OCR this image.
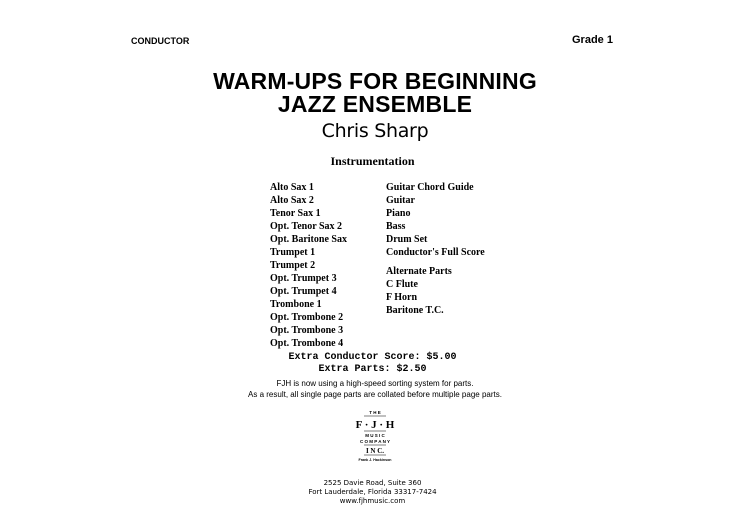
CONDUCTOR	Grade 1
WARM-UPS FOR BEGINNING
JAZZ ENSEMBLE
Chris Sharp
Instrumentation
Alto Sax 1
Alto Sax 2
Tenor Sax 1
Opt. Tenor Sax 2
Opt. Baritone Sax
Trumpet 1
Trumpet 2
Opt. Trumpet 3
Opt. Trumpet 4
Trombone 1
Opt. Trombone 2
Opt. Trombone 3
Opt. Trombone 4
Guitar Chord Guide
Guitar
Piano
Bass
Drum Set
Conductor's Full Score
Alternate Parts
C Flute
F Horn
Baritone T.C.
Extra Conductor Score: $5.00
Extra Parts: $2.50
FJH is now using a high-speed sorting system for parts.
As a result, all single page parts are collated before multiple page parts.
T H E
F · J · H
M U S I C
C O M P A N Y
I N C.
Frank J. Hackinson
2525 Davie Road, Suite 360
Fort Lauderdale, Florida 33317-7424
www.fjhmusic.com
